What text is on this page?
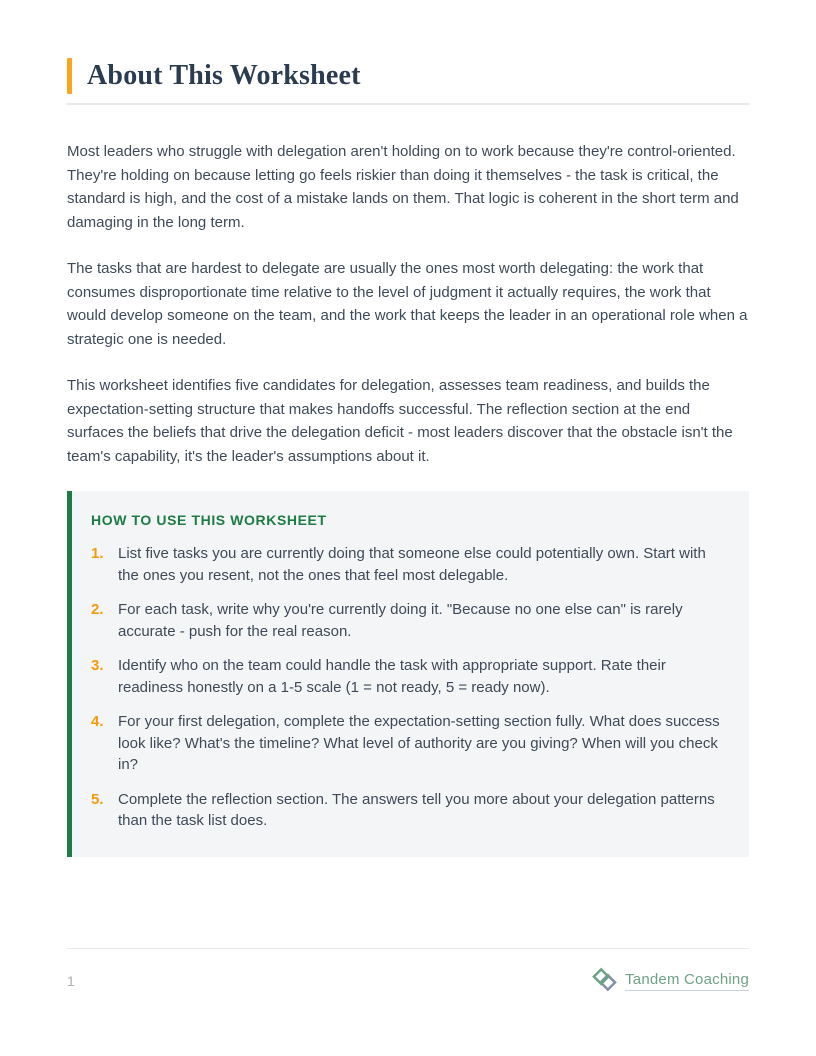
About This Worksheet

Most leaders who struggle with delegation aren't holding on to work because they're control-oriented. They're holding on because letting go feels riskier than doing it themselves - the task is critical, the standard is high, and the cost of a mistake lands on them. That logic is coherent in the short term and damaging in the long term.

The tasks that are hardest to delegate are usually the ones most worth delegating: the work that consumes disproportionate time relative to the level of judgment it actually requires, the work that would develop someone on the team, and the work that keeps the leader in an operational role when a strategic one is needed.

This worksheet identifies five candidates for delegation, assesses team readiness, and builds the expectation-setting structure that makes handoffs successful. The reflection section at the end surfaces the beliefs that drive the delegation deficit - most leaders discover that the obstacle isn't the team's capability, it's the leader's assumptions about it.

HOW TO USE THIS WORKSHEET
1. List five tasks you are currently doing that someone else could potentially own. Start with the ones you resent, not the ones that feel most delegable.
2. For each task, write why you're currently doing it. "Because no one else can" is rarely accurate - push for the real reason.
3. Identify who on the team could handle the task with appropriate support. Rate their readiness honestly on a 1-5 scale (1 = not ready, 5 = ready now).
4. For your first delegation, complete the expectation-setting section fully. What does success look like? What's the timeline? What level of authority are you giving? When will you check in?
5. Complete the reflection section. The answers tell you more about your delegation patterns than the task list does.
1	Tandem Coaching
